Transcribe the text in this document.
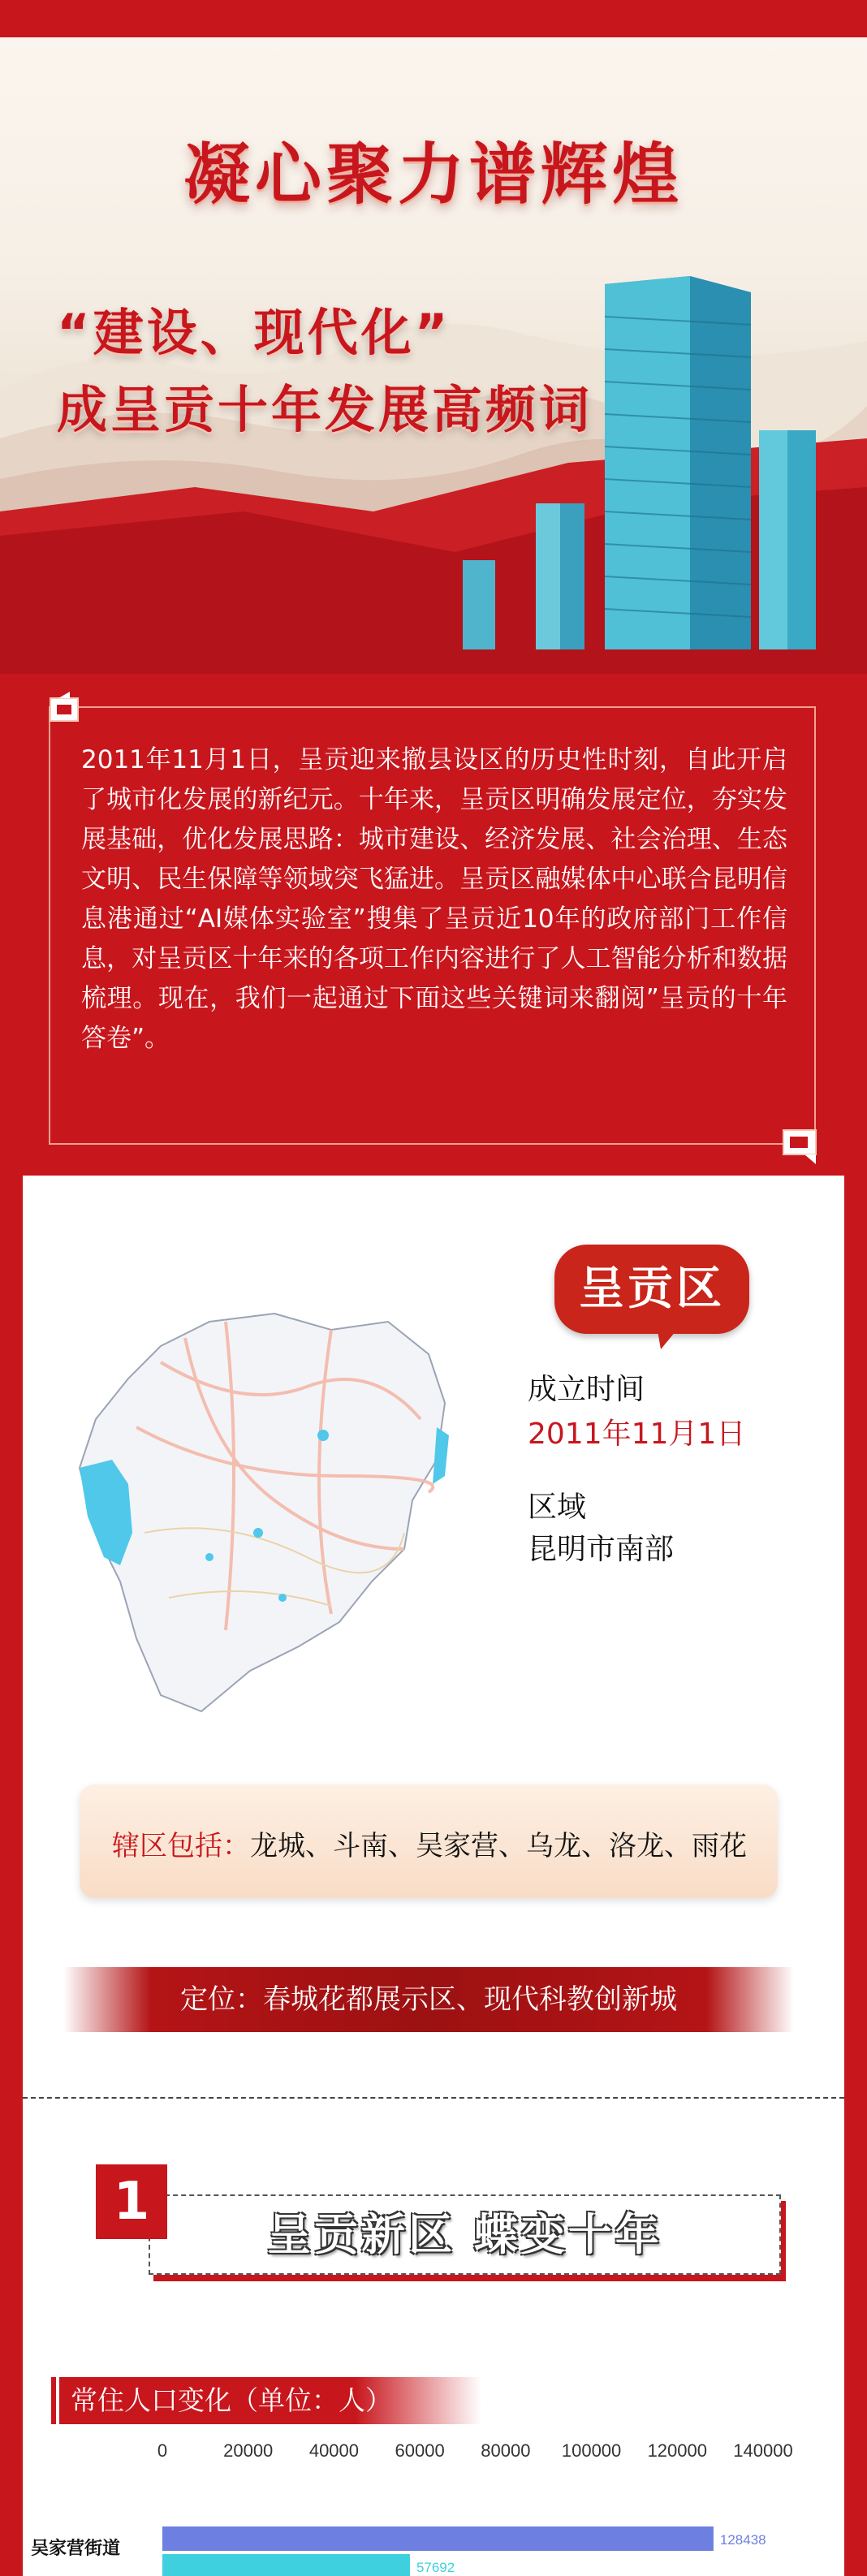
凝心聚力谱辉煌
“建设、现代化”
成呈贡十年发展高频词
2011年11月1日，呈贡迎来撤县设区的历史性时刻，自此开启了城市化发展的新纪元。十年来，呈贡区明确发展定位，夯实发展基础，优化发展思路：城市建设、经济发展、社会治理、生态文明、民生保障等领域突飞猛进。呈贡区融媒体中心联合昆明信息港通过“AI媒体实验室”搜集了呈贡近10年的政府部门工作信息，对呈贡区十年来的各项工作内容进行了人工智能分析和数据梳理。现在，我们一起通过下面这些关键词来翻阅”呈贡的十年答卷”。
呈贡区
成立时间
2011年11月1日
区域
昆明市南部
辖区包括：龙城、斗南、吴家营、乌龙、洛龙、雨花
定位：春城花都展示区、现代科教创新城
呈贡新区 蝶变十年
1
常住人口变化（单位：人）
0	20000 40000 60000 80000 100000 120000 140000
吴家营街道	128438
57692
